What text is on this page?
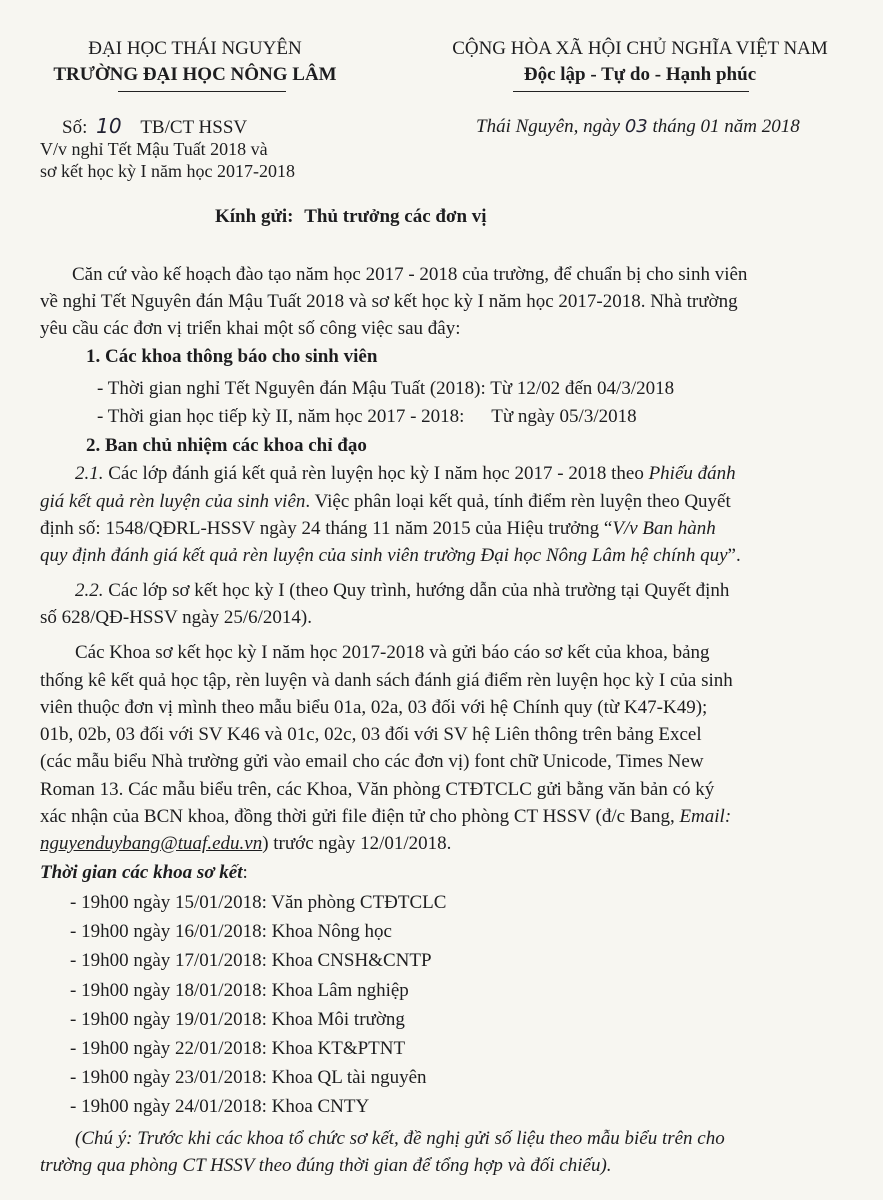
ĐẠI HỌC THÁI NGUYÊN
TRƯỜNG ĐẠI HỌC NÔNG LÂM
CỘNG HÒA XÃ HỘI CHỦ NGHĨA VIỆT NAM
Độc lập - Tự do - Hạnh phúc
Số: 10 TB/CT HSSV
V/v nghỉ Tết Mậu Tuất 2018 và
sơ kết học kỳ I năm học 2017-2018
Thái Nguyên, ngày 03 tháng 01 năm 2018
Kính gửi: Thủ trưởng các đơn vị
Căn cứ vào kế hoạch đào tạo năm học 2017 - 2018 của trường, để chuẩn bị cho sinh viên
về nghỉ Tết Nguyên đán Mậu Tuất 2018 và sơ kết học kỳ I năm học 2017-2018. Nhà trường
yêu cầu các đơn vị triển khai một số công việc sau đây:
1. Các khoa thông báo cho sinh viên
- Thời gian nghỉ Tết Nguyên đán Mậu Tuất (2018): Từ 12/02 đến 04/3/2018
- Thời gian học tiếp kỳ II, năm học 2017 - 2018: Từ ngày 05/3/2018
2. Ban chủ nhiệm các khoa chỉ đạo
2.1. Các lớp đánh giá kết quả rèn luyện học kỳ I năm học 2017 - 2018 theo Phiếu đánh
giá kết quả rèn luyện của sinh viên. Việc phân loại kết quả, tính điểm rèn luyện theo Quyết
định số: 1548/QĐRL-HSSV ngày 24 tháng 11 năm 2015 của Hiệu trưởng “V/v Ban hành
quy định đánh giá kết quả rèn luyện của sinh viên trường Đại học Nông Lâm hệ chính quy”.
2.2. Các lớp sơ kết học kỳ I (theo Quy trình, hướng dẫn của nhà trường tại Quyết định
số 628/QĐ-HSSV ngày 25/6/2014).
Các Khoa sơ kết học kỳ I năm học 2017-2018 và gửi báo cáo sơ kết của khoa, bảng
thống kê kết quả học tập, rèn luyện và danh sách đánh giá điểm rèn luyện học kỳ I của sinh
viên thuộc đơn vị mình theo mẫu biểu 01a, 02a, 03 đối với hệ Chính quy (từ K47-K49);
01b, 02b, 03 đối với SV K46 và 01c, 02c, 03 đối với SV hệ Liên thông trên bảng Excel
(các mẫu biểu Nhà trường gửi vào email cho các đơn vị) font chữ Unicode, Times New
Roman 13. Các mẫu biểu trên, các Khoa, Văn phòng CTĐTCLC gửi bằng văn bản có ký
xác nhận của BCN khoa, đồng thời gửi file điện tử cho phòng CT HSSV (đ/c Bang, Email:
nguyenduybang@tuaf.edu.vn) trước ngày 12/01/2018.
Thời gian các khoa sơ kết:
- 19h00 ngày 15/01/2018: Văn phòng CTĐTCLC
- 19h00 ngày 16/01/2018: Khoa Nông học
- 19h00 ngày 17/01/2018: Khoa CNSH&CNTP
- 19h00 ngày 18/01/2018: Khoa Lâm nghiệp
- 19h00 ngày 19/01/2018: Khoa Môi trường
- 19h00 ngày 22/01/2018: Khoa KT&PTNT
- 19h00 ngày 23/01/2018: Khoa QL tài nguyên
- 19h00 ngày 24/01/2018: Khoa CNTY
(Chú ý: Trước khi các khoa tổ chức sơ kết, đề nghị gửi số liệu theo mẫu biểu trên cho
trường qua phòng CT HSSV theo đúng thời gian để tổng hợp và đối chiếu).
